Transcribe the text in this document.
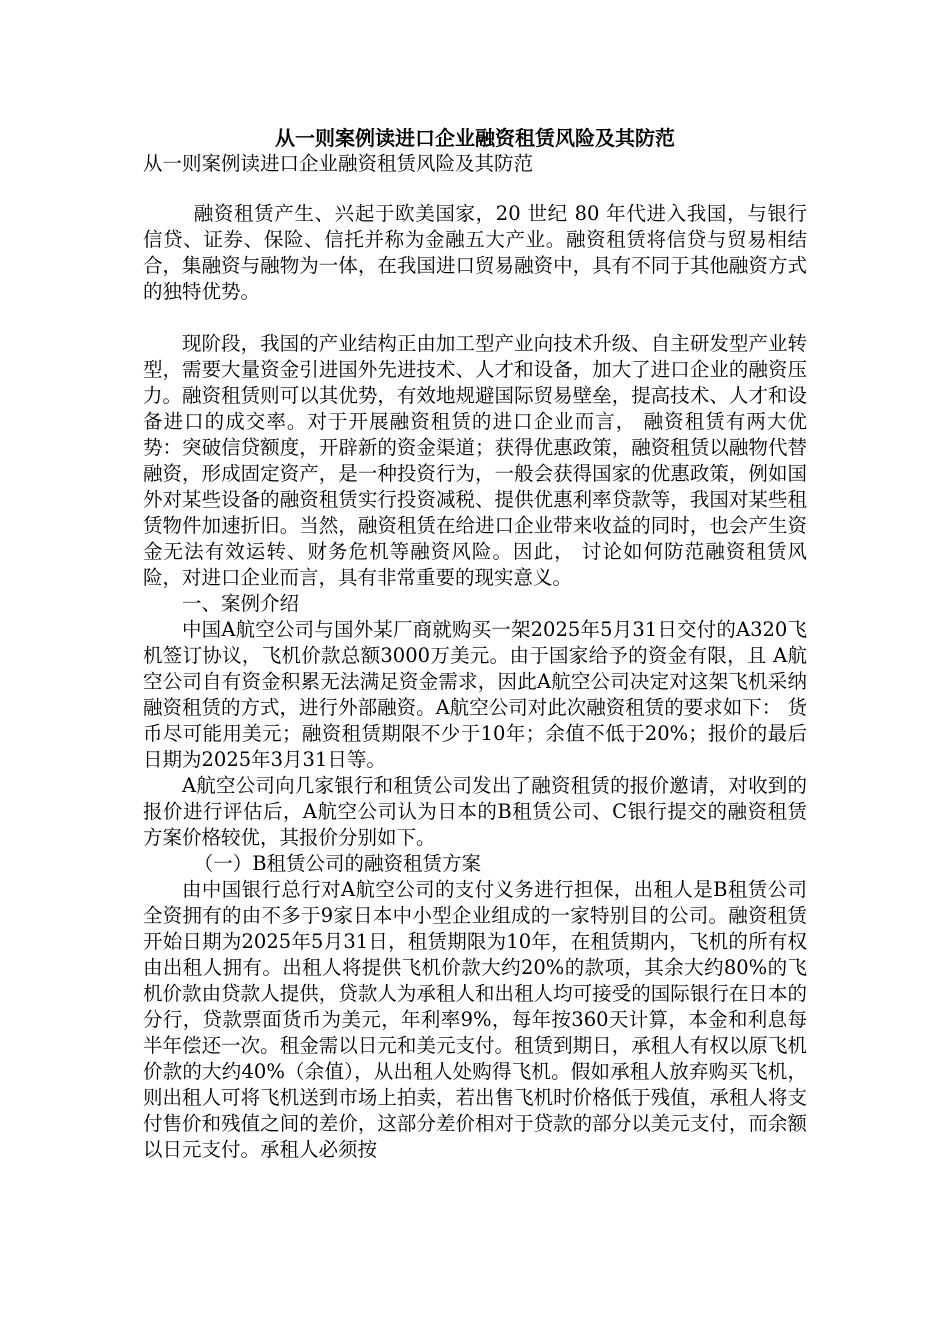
从一则案例读进口企业融资租赁风险及其防范

从一则案例读进口企业融资租赁风险及其防范

融资租赁产生、兴起于欧美国家，20 世纪 80 年代进入我国，与银行信贷、证券、保险、信托并称为金融五大产业。融资租赁将信贷与贸易相结合，集融资与融物为一体，在我国进口贸易融资中，具有不同于其他融资方式的独特优势。

现阶段，我国的产业结构正由加工型产业向技术升级、自主研发型产业转型，需要大量资金引进国外先进技术、人才和设备，加大了进口企业的融资压力。融资租赁则可以其优势，有效地规避国际贸易壁垒，提高技术、人才和设备进口的成交率。对于开展融资租赁的进口企业而言， 融资租赁有两大优势：突破信贷额度，开辟新的资金渠道；获得优惠政策，融资租赁以融物代替融资，形成固定资产，是一种投资行为，一般会获得国家的优惠政策，例如国外对某些设备的融资租赁实行投资减税、提供优惠利率贷款等，我国对某些租赁物件加速折旧。当然，融资租赁在给进口企业带来收益的同时，也会产生资金无法有效运转、财务危机等融资风险。因此， 讨论如何防范融资租赁风险，对进口企业而言，具有非常重要的现实意义。

一、案例介绍

中国A航空公司与国外某厂商就购买一架2025年5月31日交付的A320飞机签订协议，飞机价款总额3000万美元。由于国家给予的资金有限，且 A航空公司自有资金积累无法满足资金需求，因此A航空公司决定对这架飞机采纳融资租赁的方式，进行外部融资。A航空公司对此次融资租赁的要求如下： 货币尽可能用美元；融资租赁期限不少于10年；余值不低于20%；报价的最后日期为2025年3月31日等。

A航空公司向几家银行和租赁公司发出了融资租赁的报价邀请，对收到的报价进行评估后，A航空公司认为日本的B租赁公司、C银行提交的融资租赁方案价格较优，其报价分别如下。

（一）B租赁公司的融资租赁方案

由中国银行总行对A航空公司的支付义务进行担保，出租人是B租赁公司全资拥有的由不多于9家日本中小型企业组成的一家特别目的公司。融资租赁开始日期为2025年5月31日，租赁期限为10年，在租赁期内，飞机的所有权由出租人拥有。出租人将提供飞机价款大约20%的款项，其余大约80%的飞机价款由贷款人提供，贷款人为承租人和出租人均可接受的国际银行在日本的分行，贷款票面货币为美元，年利率9%，每年按360天计算，本金和利息每半年偿还一次。租金需以日元和美元支付。租赁到期日，承租人有权以原飞机价款的大约40%（余值），从出租人处购得飞机。假如承租人放弃购买飞机，则出租人可将飞机送到市场上拍卖，若出售飞机时价格低于残值，承租人将支付售价和残值之间的差价，这部分差价相对于贷款的部分以美元支付，而余额以日元支付。承租人必须按
